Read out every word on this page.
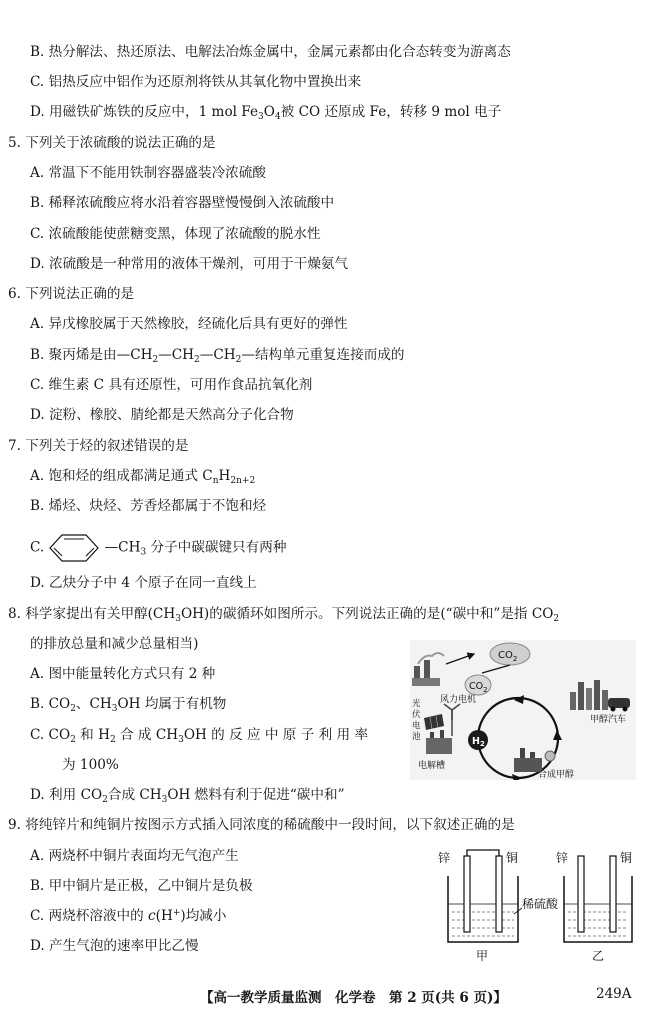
B. 热分解法、热还原法、电解法冶炼金属中，金属元素都由化合态转变为游离态
C. 铝热反应中铝作为还原剂将铁从其氧化物中置换出来
D. 用磁铁矿炼铁的反应中，1 mol $Fe_3O_4$被 CO 还原成 Fe，转移 9 mol 电子
5. 下列关于浓硫酸的说法正确的是
A. 常温下不能用铁制容器盛装冷浓硫酸
B. 稀释浓硫酸应将水沿着容器壁慢慢倒入浓硫酸中
C. 浓硫酸能使蔗糖变黑，体现了浓硫酸的脱水性
D. 浓硫酸是一种常用的液体干燥剂，可用于干燥氨气
6. 下列说法正确的是
A. 异戊橡胶属于天然橡胶，经硫化后具有更好的弹性
B. 聚丙烯是由$—CH_2—CH_2—CH_2—$结构单元重复连接而成的
C. 维生素 C 具有还原性，可用作食品抗氧化剂
D. 淀粉、橡胶、腈纶都是天然高分子化合物
7. 下列关于烃的叙述错误的是
A. 饱和烃的组成都满足通式 $C_nH_{2n+2}$
B. 烯烃、炔烃、芳香烃都属于不饱和烃
C.	$—CH_3$ 分子中碳碳键只有两种
D. 乙炔分子中 4 个原子在同一直线上
8. 科学家提出有关甲醇$(CH_3OH)$的碳循环如图所示。下列说法正确的是(“碳中和”是指 $CO_2$
的排放总量和减少总量相当)
A. 图中能量转化方式只有 2 种
B. $CO_2$、$CH_3OH$ 均属于有机物
C. $CO_2$ 和 $H_2$ 合 成 $CH_3OH$ 的 反 应 中 原 子 利 用 率
为 100%
D. 利用 $CO_2$合成 $CH_3OH$ 燃料有利于促进“碳中和”
$CO_2$
$CO_2$
风力电机
光
伏
电
池
电解槽
$H_2$
合成甲醇
甲醇汽车
9. 将纯锌片和纯铜片按图示方式插入同浓度的稀硫酸中一段时间，以下叙述正确的是
A. 两烧杯中铜片表面均无气泡产生
B. 甲中铜片是正极，乙中铜片是负极
C. 两烧杯溶液中的 c(H+)均减小
D. 产生气泡的速率甲比乙慢
锌	铜
甲
稀硫酸
锌	铜
乙
【高一教学质量监测　化学卷　第 2 页(共 6 页)】	249A
